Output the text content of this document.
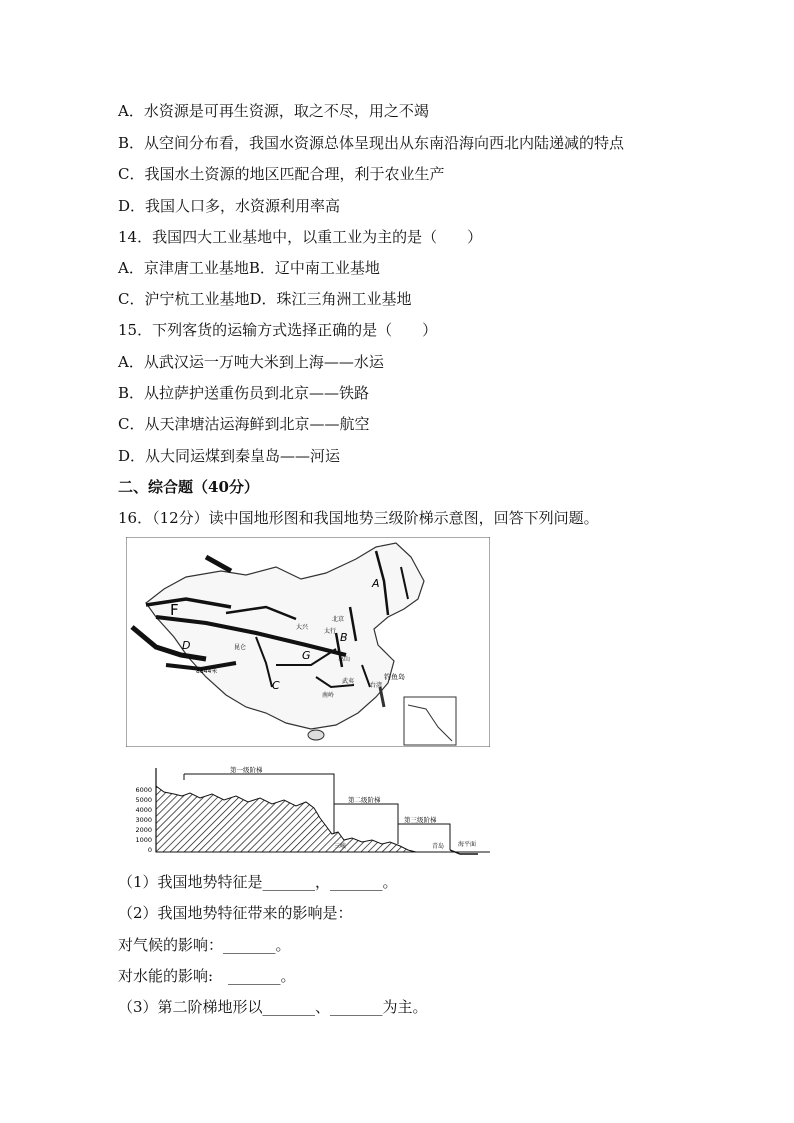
A．水资源是可再生资源，取之不尽，用之不竭
B．从空间分布看，我国水资源总体呈现出从东南沿海向西北内陆递减的特点
C．我国水土资源的地区匹配合理，利于农业生产
D．我国人口多，水资源利用率高
14．我国四大工业基地中，以重工业为主的是（　　）
A．京津唐工业基地B．辽中南工业基地
C．沪宁杭工业基地D．珠江三角洲工业基地
15．下列客货的运输方式选择正确的是（　　）
A．从武汉运一万吨大米到上海——水运
B．从拉萨护送重伤员到北京——铁路
C．从天津塘沽运海鲜到北京——航空
D．从大同运煤到秦皇岛——河运
二、综合题（40分）
16．（12分）读中国地形图和我国地势三级阶梯示意图，回答下列问题。
A
B
C
D
F
G
北京
大兴
太行
巫山
8844米
昆仑
钓鱼岛
武夷
南岭
台湾
6000
5000
4000
3000
2000
1000
0
第一级阶梯
第二级阶梯
第三级阶梯
三峡	青岛 海平面
（1）我国地势特征是_______，_______。
（2）我国地势特征带来的影响是：
对气候的影响：_______。
对水能的影响:　_______。
（3）第二阶梯地形以_______、_______为主。
